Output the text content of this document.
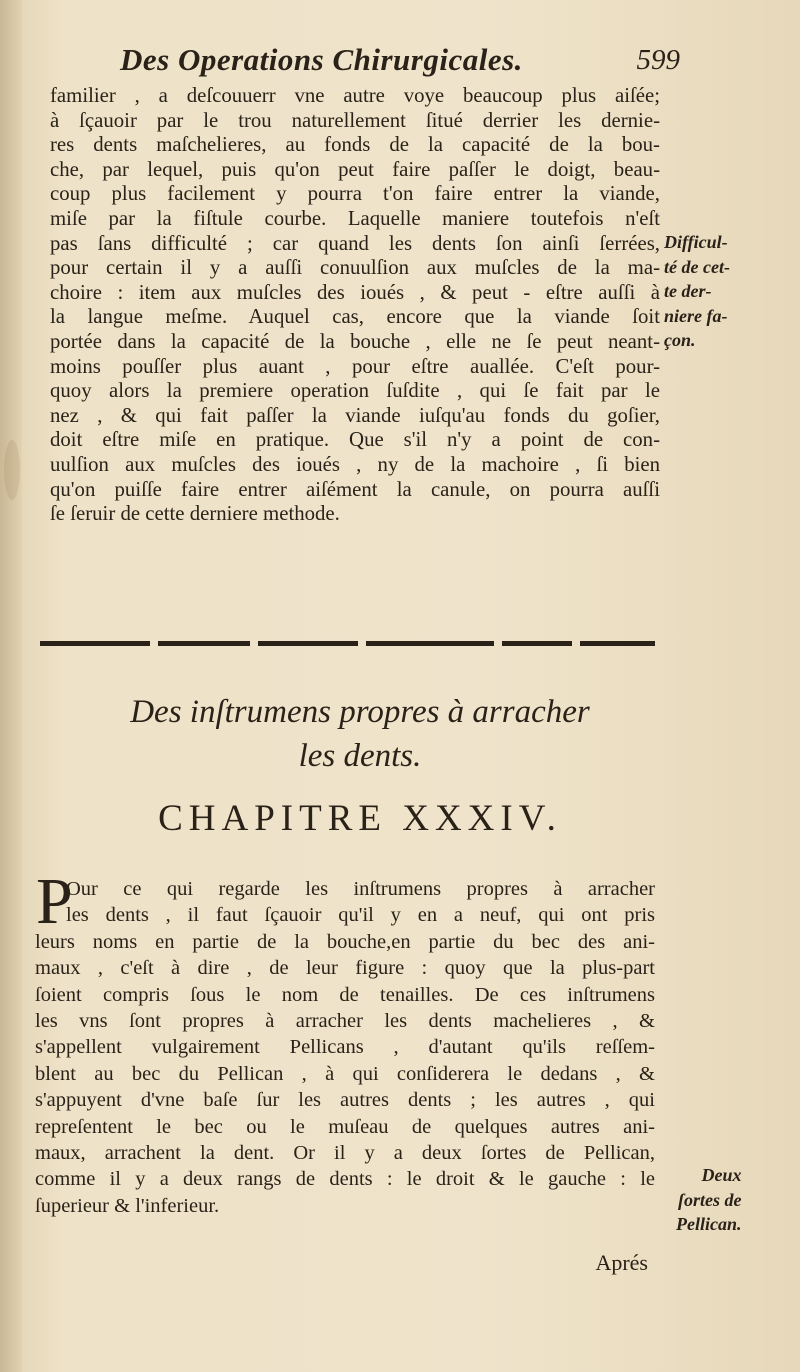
Des Operations Chirurgicales.	599
familier , a deſcouuerr vne autre voye beaucoup plus aiſée;
à ſçauoir par le trou naturellement ſitué derrier les dernie-
res dents maſchelieres, au fonds de la capacité de la bou-
che, par lequel, puis qu'on peut faire paſſer le doigt, beau-
coup plus facilement y pourra t'on faire entrer la viande,
miſe par la fiſtule courbe. Laquelle maniere toutefois n'eſt
pas ſans difficulté ; car quand les dents ſon ainſi ſerrées,
pour certain il y a auſſi conuulſion aux muſcles de la ma-
choire : item aux muſcles des ioués , & peut - eſtre auſſi à
la langue meſme. Auquel cas, encore que la viande ſoit
portée dans la capacité de la bouche , elle ne ſe peut neant-
moins pouſſer plus auant , pour eſtre auallée. C'eſt pour-
quoy alors la premiere operation ſuſdite , qui ſe fait par le
nez , & qui fait paſſer la viande iuſqu'au fonds du goſier,
doit eſtre miſe en pratique. Que s'il n'y a point de con-
uulſion aux muſcles des ioués , ny de la machoire , ſi bien
qu'on puiſſe faire entrer aiſément la canule, on pourra auſſi
ſe ſeruir de cette derniere methode.
Difficul-
té de cet-
te der-
niere fa-
çon.
Des inſtrumens propres à arracher
les dents.
CHAPITRE XXXIV.
P
Our ce qui regarde les inſtrumens propres à arracher
les dents , il faut ſçauoir qu'il y en a neuf, qui ont pris
leurs noms en partie de la bouche,en partie du bec des ani-
maux , c'eſt à dire , de leur figure : quoy que la plus-part
ſoient compris ſous le nom de tenailles. De ces inſtrumens
les vns ſont propres à arracher les dents machelieres , &
s'appellent vulgairement Pellicans , d'autant qu'ils reſſem-
blent au bec du Pellican , à qui conſiderera le dedans , &
s'appuyent d'vne baſe ſur les autres dents ; les autres , qui
repreſentent le bec ou le muſeau de quelques autres ani-
maux, arrachent la dent. Or il y a deux ſortes de Pellican,
comme il y a deux rangs de dents : le droit & le gauche : le
ſuperieur & l'inferieur.
Deux
ſortes de
Pellican.
Aprés
